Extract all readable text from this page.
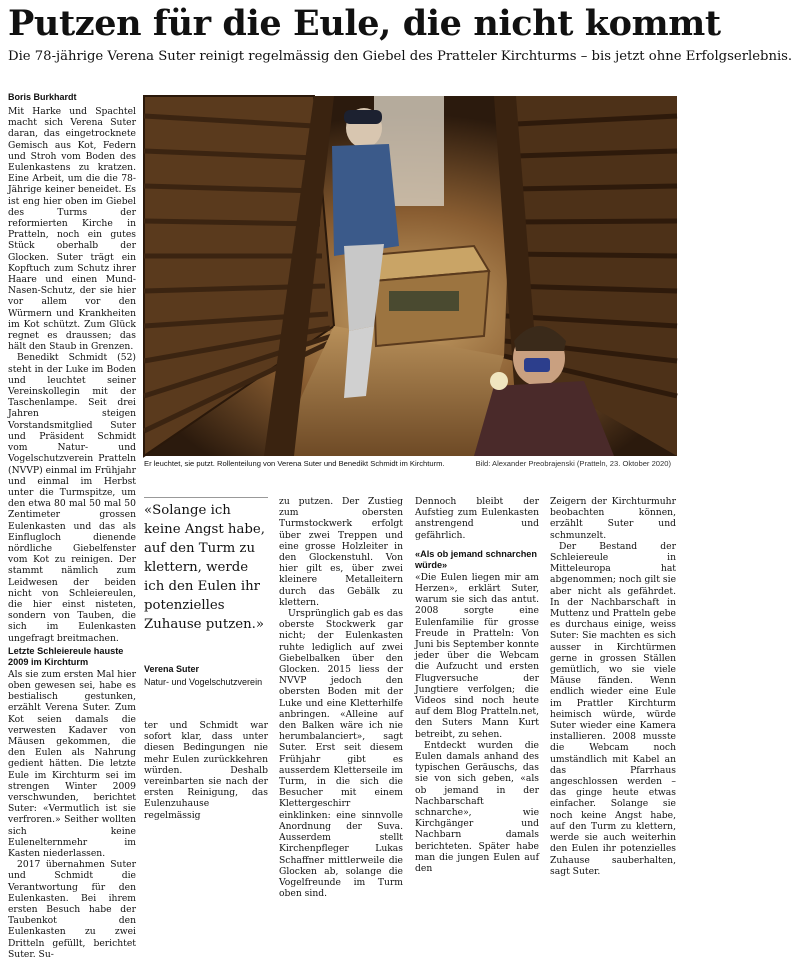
Putzen für die Eule, die nicht kommt
Die 78-jährige Verena Suter reinigt regelmässig den Giebel des Pratteler Kirchturms – bis jetzt ohne Erfolgserlebnis.
Boris Burkhardt

Mit Harke und Spachtel macht sich Verena Suter daran, das eingetrocknete Gemisch aus Kot, Federn und Stroh vom Boden des Eulenkastens zu kratzen. Eine Arbeit, um die die 78-Jährige keiner beneidet. Es ist eng hier oben im Giebel des Turms der reformierten Kirche in Pratteln, noch ein gutes Stück oberhalb der Glocken. Suter trägt ein Kopftuch zum Schutz ihrer Haare und einen Mund-Nasen-Schutz, der sie hier vor allem vor den Würmern und Krankheiten im Kot schützt. Zum Glück regnet es draussen; das hält den Staub in Grenzen.

Benedikt Schmidt (52) steht in der Luke im Boden und leuchtet seiner Vereinskollegin mit der Taschenlampe. Seit drei Jahren steigen Vorstandsmitglied Suter und Präsident Schmidt vom Natur- und Vogelschutzverein Pratteln (NVVP) einmal im Frühjahr und einmal im Herbst unter die Turmspitze, um den etwa 80 mal 50 mal 50 Zentimeter grossen Eulenkasten und das als Einflugloch dienende nördliche Giebelfenster vom Kot zu reinigen. Der stammt nämlich zum Leidwesen der beiden nicht von Schleiereulen, die hier einst nisteten, sondern von Tauben, die sich im Eulenkasten ungefragt breitmachen.

Letzte Schleiereule hauste 2009 im Kirchturm

Als sie zum ersten Mal hier oben gewesen sei, habe es bestialisch gestunken, erzählt Verena Suter. Zum Kot seien damals die verwesten Kadaver von Mäusen gekommen, die den Eulen als Nahrung gedient hätten. Die letzte Eule im Kirchturm sei im strengen Winter 2009 verschwunden, berichtet Suter: «Vermutlich ist sie verfroren.» Seither wollten sich keine Eulenelternmehr im Kasten niederlassen.

2017 übernahmen Suter und Schmidt die Verantwortung für den Eulenkasten. Bei ihrem ersten Besuch habe der Taubenkot den Eulenkasten zu zwei Dritteln gefüllt, berichtet Suter. Su-

Er leuchtet, sie putzt. Rollenteilung von Verena Suter und Benedikt Schmidt im Kirchturm.	Bild: Alexander Preobrajenski (Pratteln, 23. Oktober 2020)
«Solange ich keine Angst habe, auf den Turm zu klettern, werde ich den Eulen ihr potenzielles Zuhause putzen.»
Verena Suter
Natur- und Vogelschutzverein

ter und Schmidt war sofort klar, dass unter diesen Bedingungen nie mehr Eulen zurückkehren würden. Deshalb vereinbarten sie nach der ersten Reinigung, das Eulenzuhause regelmässig

zu putzen. Der Zustieg zum obersten Turmstockwerk erfolgt über zwei Treppen und eine grosse Holzleiter in den Glockenstuhl. Von hier gilt es, über zwei kleinere Metalleitern durch das Gebälk zu klettern.

Ursprünglich gab es das oberste Stockwerk gar nicht; der Eulenkasten ruhte lediglich auf zwei Giebelbalken über den Glocken. 2015 liess der NVVP jedoch den obersten Boden mit der Luke und eine Kletterhilfe anbringen. «Alleine auf den Balken wäre ich nie herumbalanciert», sagt Suter. Erst seit diesem Frühjahr gibt es ausserdem Kletterseile im Turm, in die sich die Besucher mit einem Klettergeschirr einklinken: eine sinnvolle Anordnung der Suva. Ausserdem stellt Kirchenpfleger Lukas Schaffner mittlerweile die Glocken ab, solange die Vogelfreunde im Turm oben sind.

Dennoch bleibt der Aufstieg zum Eulenkasten anstrengend und gefährlich.

«Als ob jemand schnarchen würde»

«Die Eulen liegen mir am Herzen», erklärt Suter, warum sie sich das antut. 2008 sorgte eine Eulenfamilie für grosse Freude in Pratteln: Von Juni bis September konnte jeder über die Webcam die Aufzucht und ersten Flugversuche der Jungtiere verfolgen; die Videos sind noch heute auf dem Blog Pratteln.net, den Suters Mann Kurt betreibt, zu sehen.

Entdeckt wurden die Eulen damals anhand des typischen Geräuschs, das sie von sich geben, «als ob jemand in der Nachbarschaft schnarche», wie Kirchgänger und Nachbarn damals berichteten. Später habe man die jungen Eulen auf den

Zeigern der Kirchturmuhr beobachten können, erzählt Suter und schmunzelt.

Der Bestand der Schleiereule in Mitteleuropa hat abgenommen; noch gilt sie aber nicht als gefährdet. In der Nachbarschaft in Muttenz und Pratteln gebe es durchaus einige, weiss Suter: Sie machten es sich ausser in Kirchtürmen gerne in grossen Ställen gemütlich, wo sie viele Mäuse fänden. Wenn endlich wieder eine Eule im Prattler Kirchturm heimisch würde, würde Suter wieder eine Kamera installieren. 2008 musste die Webcam noch umständlich mit Kabel an das Pfarrhaus angeschlossen werden – das ginge heute etwas einfacher. Solange sie noch keine Angst habe, auf den Turm zu klettern, werde sie auch weiterhin den Eulen ihr potenzielles Zuhause sauberhalten, sagt Suter.
